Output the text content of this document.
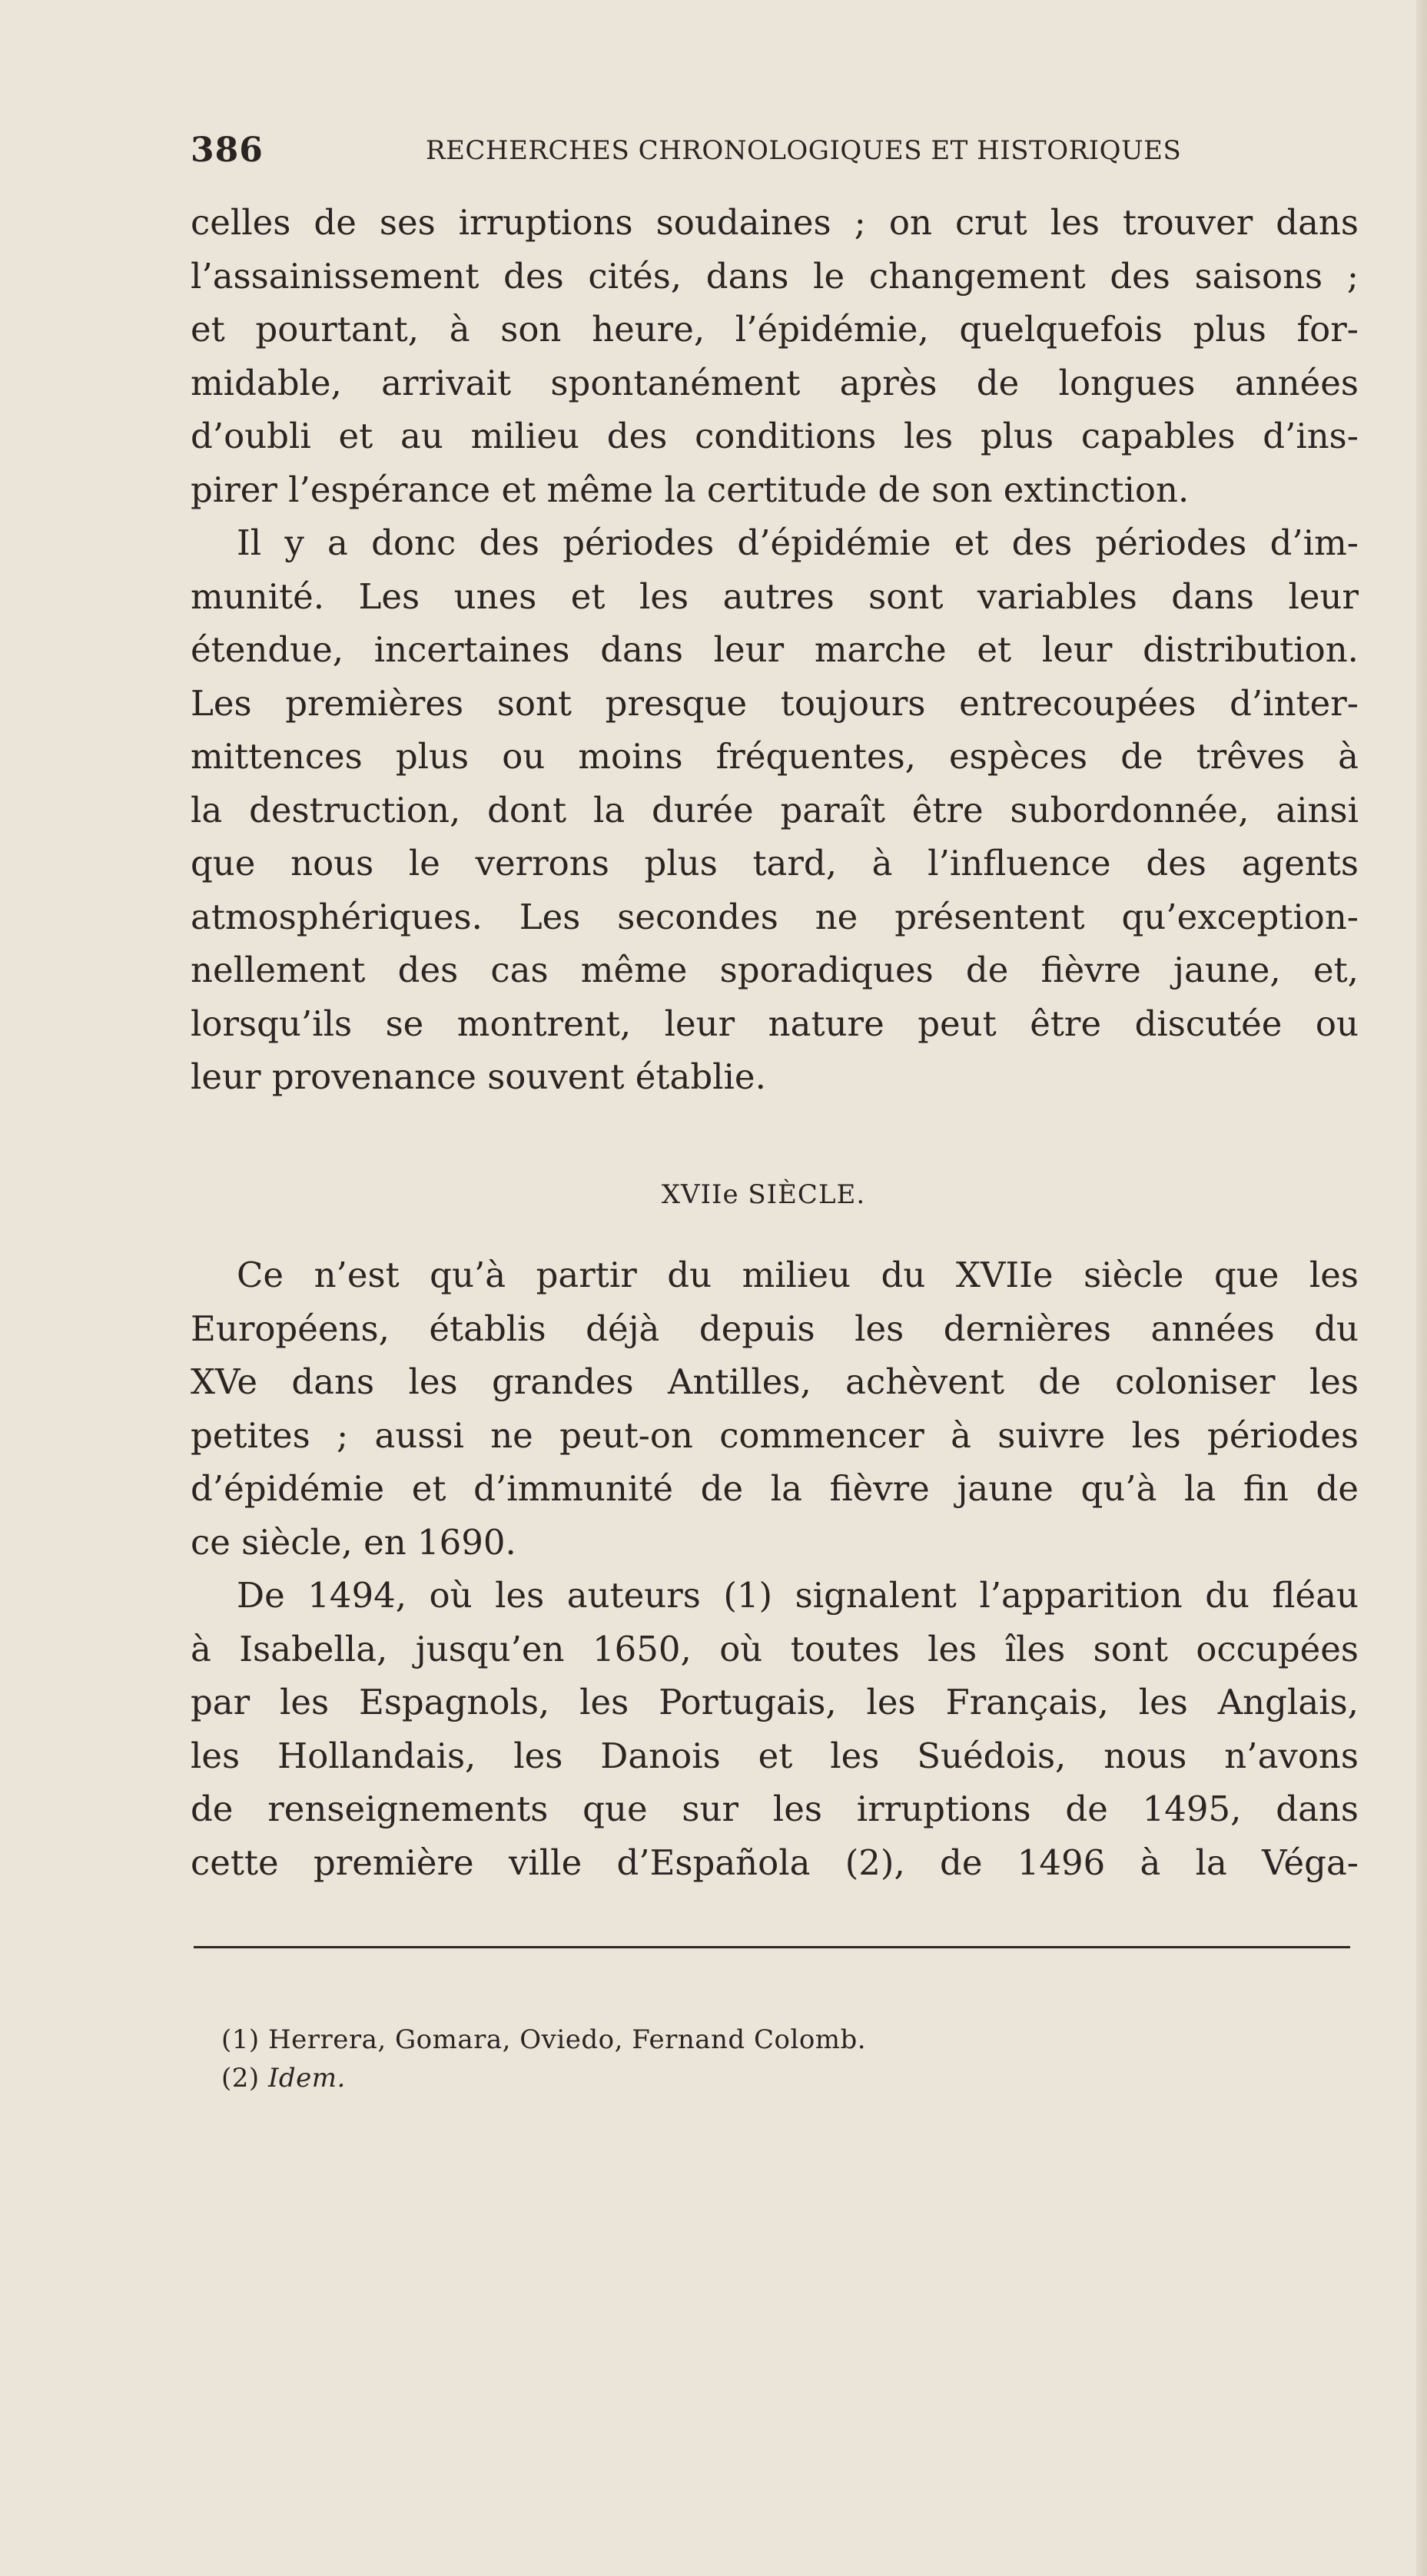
386	RECHERCHES CHRONOLOGIQUES ET HISTORIQUES
celles de ses irruptions soudaines ; on crut les trouver dans
l’assainissement des cités, dans le changement des saisons ;
et pourtant, à son heure, l’épidémie, quelquefois plus for-
midable, arrivait spontanément après de longues années
d’oubli et au milieu des conditions les plus capables d’ins-
pirer l’espérance et même la certitude de son extinction.
Il y a donc des périodes d’épidémie et des périodes d’im-
munité. Les unes et les autres sont variables dans leur
étendue, incertaines dans leur marche et leur distribution.
Les premières sont presque toujours entrecoupées d’inter-
mittences plus ou moins fréquentes, espèces de trêves à
la destruction, dont la durée paraît être subordonnée, ainsi
que nous le verrons plus tard, à l’influence des agents
atmosphériques. Les secondes ne présentent qu’exception-
nellement des cas même sporadiques de fièvre jaune, et,
lorsqu’ils se montrent, leur nature peut être discutée ou
leur provenance souvent établie.
XVIIe SIÈCLE.
Ce n’est qu’à partir du milieu du XVIIe siècle que les
Européens, établis déjà depuis les dernières années du
XVe dans les grandes Antilles, achèvent de coloniser les
petites ; aussi ne peut-on commencer à suivre les périodes
d’épidémie et d’immunité de la fièvre jaune qu’à la fin de
ce siècle, en 1690.
De 1494, où les auteurs (1) signalent l’apparition du fléau
à Isabella, jusqu’en 1650, où toutes les îles sont occupées
par les Espagnols, les Portugais, les Français, les Anglais,
les Hollandais, les Danois et les Suédois, nous n’avons
de renseignements que sur les irruptions de 1495, dans
cette première ville d’Española (2), de 1496 à la Véga-
(1) Herrera, Gomara, Oviedo, Fernand Colomb.
(2) Idem.
